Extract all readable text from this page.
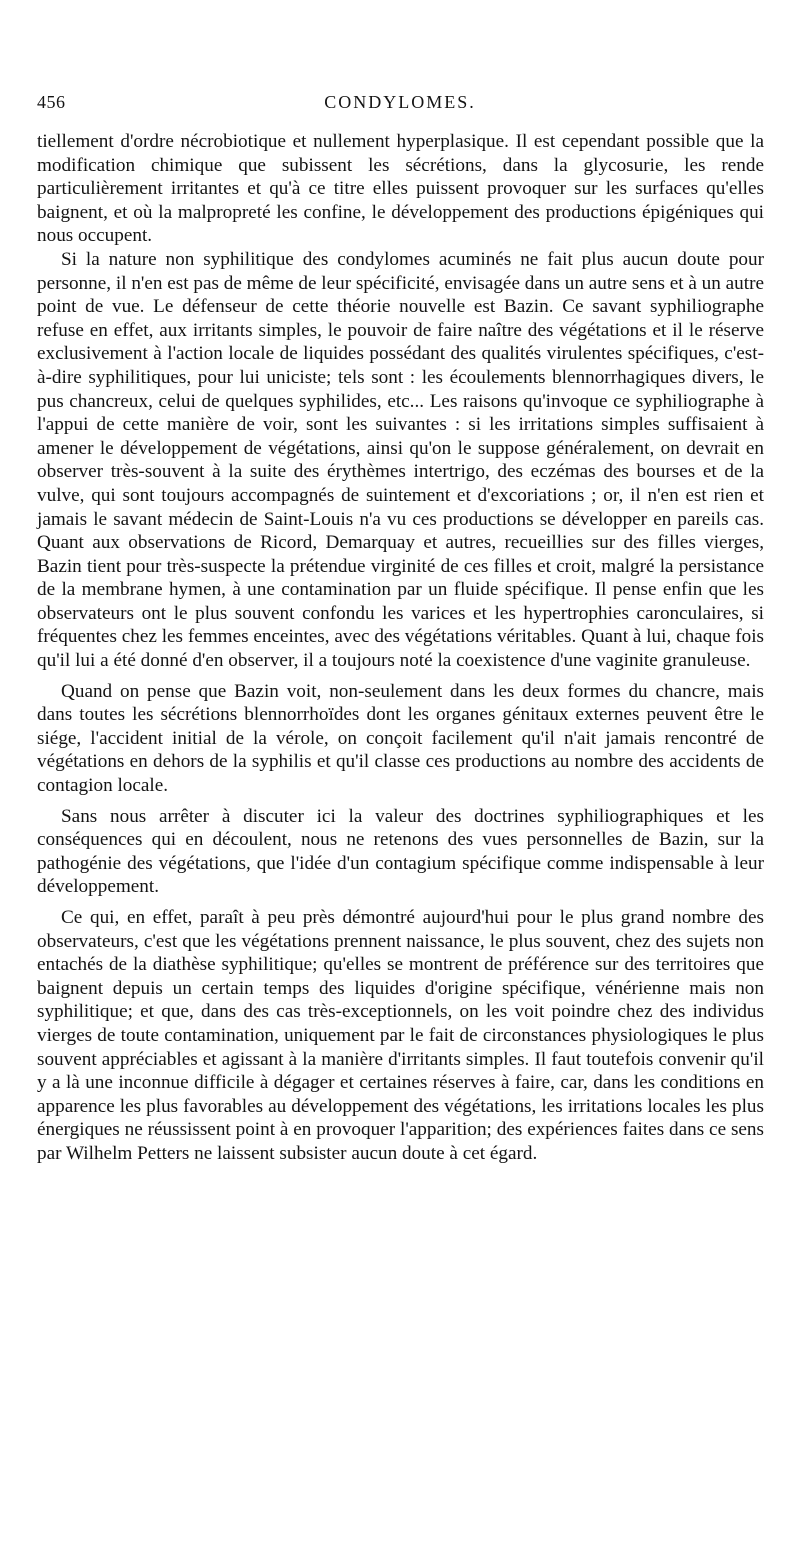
456	CONDYLOMES.

tiellement d'ordre nécrobiotique et nullement hyperplasique. Il est cependant possible que la modification chimique que subissent les sécrétions, dans la glycosurie, les rende particulièrement irritantes et qu'à ce titre elles puissent provoquer sur les surfaces qu'elles baignent, et où la malpropreté les confine, le développement des productions épigéniques qui nous occupent.

Si la nature non syphilitique des condylomes acuminés ne fait plus aucun doute pour personne, il n'en est pas de même de leur spécificité, envisagée dans un autre sens et à un autre point de vue. Le défenseur de cette théorie nouvelle est Bazin. Ce savant syphiliographe refuse en effet, aux irritants simples, le pouvoir de faire naître des végétations et il le réserve exclusivement à l'action locale de liquides possédant des qualités virulentes spécifiques, c'est-à-dire syphilitiques, pour lui uniciste; tels sont : les écoulements blennorrhagiques divers, le pus chancreux, celui de quelques syphilides, etc... Les raisons qu'invoque ce syphiliographe à l'appui de cette manière de voir, sont les suivantes : si les irritations simples suffisaient à amener le développement de végétations, ainsi qu'on le suppose généralement, on devrait en observer très-souvent à la suite des érythèmes intertrigo, des eczémas des bourses et de la vulve, qui sont toujours accompagnés de suintement et d'excoriations ; or, il n'en est rien et jamais le savant médecin de Saint-Louis n'a vu ces productions se développer en pareils cas. Quant aux observations de Ricord, Demarquay et autres, recueillies sur des filles vierges, Bazin tient pour très-suspecte la prétendue virginité de ces filles et croit, malgré la persistance de la membrane hymen, à une contamination par un fluide spécifique. Il pense enfin que les observateurs ont le plus souvent confondu les varices et les hypertrophies caronculaires, si fréquentes chez les femmes enceintes, avec des végétations véritables. Quant à lui, chaque fois qu'il lui a été donné d'en observer, il a toujours noté la coexistence d'une vaginite granuleuse.

Quand on pense que Bazin voit, non-seulement dans les deux formes du chancre, mais dans toutes les sécrétions blennorrhoïdes dont les organes génitaux externes peuvent être le siége, l'accident initial de la vérole, on conçoit facilement qu'il n'ait jamais rencontré de végétations en dehors de la syphilis et qu'il classe ces productions au nombre des accidents de contagion locale.

Sans nous arrêter à discuter ici la valeur des doctrines syphiliographiques et les conséquences qui en découlent, nous ne retenons des vues personnelles de Bazin, sur la pathogénie des végétations, que l'idée d'un contagium spécifique comme indispensable à leur développement.

Ce qui, en effet, paraît à peu près démontré aujourd'hui pour le plus grand nombre des observateurs, c'est que les végétations prennent naissance, le plus souvent, chez des sujets non entachés de la diathèse syphilitique; qu'elles se montrent de préférence sur des territoires que baignent depuis un certain temps des liquides d'origine spécifique, vénérienne mais non syphilitique; et que, dans des cas très-exceptionnels, on les voit poindre chez des individus vierges de toute contamination, uniquement par le fait de circonstances physiologiques le plus souvent appréciables et agissant à la manière d'irritants simples. Il faut toutefois convenir qu'il y a là une inconnue difficile à dégager et certaines réserves à faire, car, dans les conditions en apparence les plus favorables au développement des végétations, les irritations locales les plus énergiques ne réussissent point à en provoquer l'apparition; des expériences faites dans ce sens par Wilhelm Petters ne laissent subsister aucun doute à cet égard.
